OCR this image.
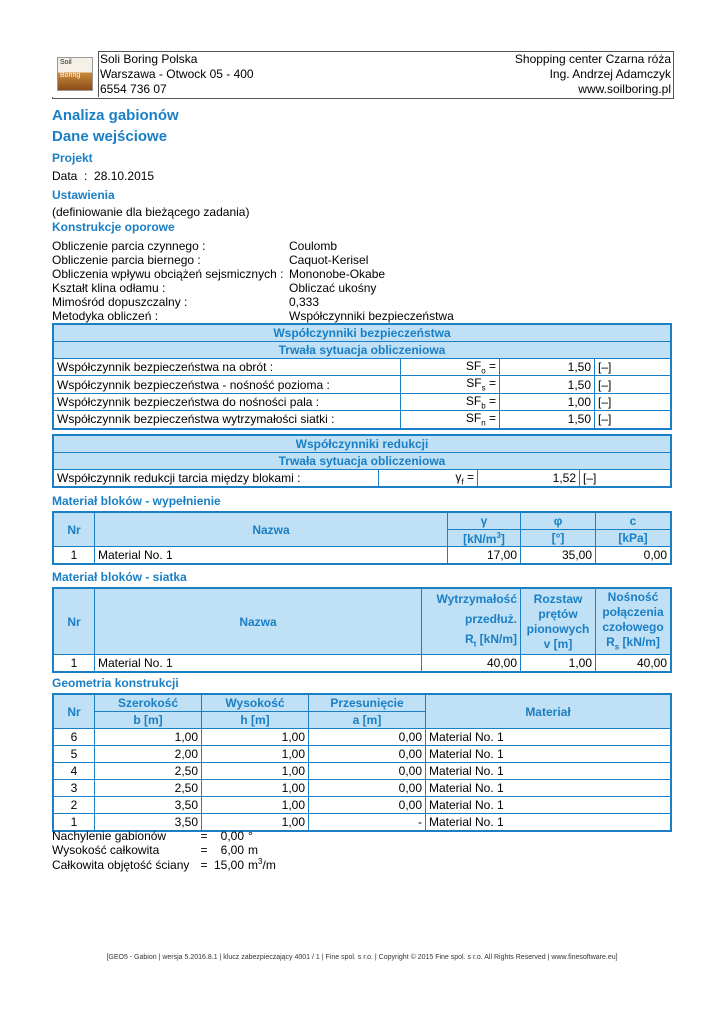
Soil
Boring
Soli Boring Polska
Warszawa - Otwock 05 - 400
6554 736 07
Shopping center Czarna róża
Ing. Andrzej Adamczyk
www.soilboring.pl
Analiza gabionów
Dane wejściowe
Projekt
Data : 28.10.2015
Ustawienia
(definiowanie dla bieżącego zadania)
Konstrukcje oporowe
Obliczenie parcia czynnego :	Coulomb
Obliczenie parcia biernego :	Caquot-Kerisel
Obliczenia wpływu obciążeń sejsmicznych :	Mononobe-Okabe
Kształt klina odłamu :	Obliczać ukośny
Mimośród dopuszczalny :	0,333
Metodyka obliczeń :	Współczynniki bezpieczeństwa
Współczynniki bezpieczeństwa			
Trwała sytuacja obliczeniowa			
Współczynnik bezpieczeństwa na obrót :	$SF_o$ =	1,50	[–]
Współczynnik bezpieczeństwa - nośność pozioma :	$SF_s$ =	1,50	[–]
Współczynnik bezpieczeństwa do nośności pala :	$SF_b$ =	1,00	[–]
Współczynnik bezpieczeństwa wytrzymałości siatki :	$SF_n$ =	1,50	[–]
Współczynniki redukcji
Trwała sytuacja obliczeniowa
Współczynnik redukcji tarcia między blokami :	$\gamma_f$ =	1,52	[–]
Materiał bloków - wypełnienie
Nr	Nazwa	γ	φ	c
		$[kN/m^3]$	[°]	[kPa]
1	Material No. 1	17,00	35,00	0,00
Materiał bloków - siatka
Nr	Nazwa	Wytrzymałość
przedłuż.
$R_t$ [kN/m]	Rozstaw
prętów
pionowych
v [m]	Nośność
połączenia
czołowego
$R_s$ [kN/m]
1	Material No. 1	40,00	1,00	40,00
Geometria konstrukcji
Nr	Szerokość	Wysokość	Przesunięcie	Materiał
	b [m]	h [m]	a [m]	
6	1,00	1,00	0,00	Material No. 1
5	2,00	1,00	0,00	Material No. 1
4	2,50	1,00	0,00	Material No. 1
3	2,50	1,00	0,00	Material No. 1
2	3,50	1,00	0,00	Material No. 1
1	3,50	1,00	-	Material No. 1
Nachylenie gabionów	=	0,00	°
Wysokość całkowita	=	6,00	m
Całkowita objętość ściany	=	15,00	$m^3/m$
[GEO5 - Gabion | wersja 5.2016.8.1 | klucz zabezpieczający 4001 / 1 | Fine spol. s r.o. | Copyright © 2015 Fine spol. s r.o. All Rights Reserved | www.finesoftware.eu]
